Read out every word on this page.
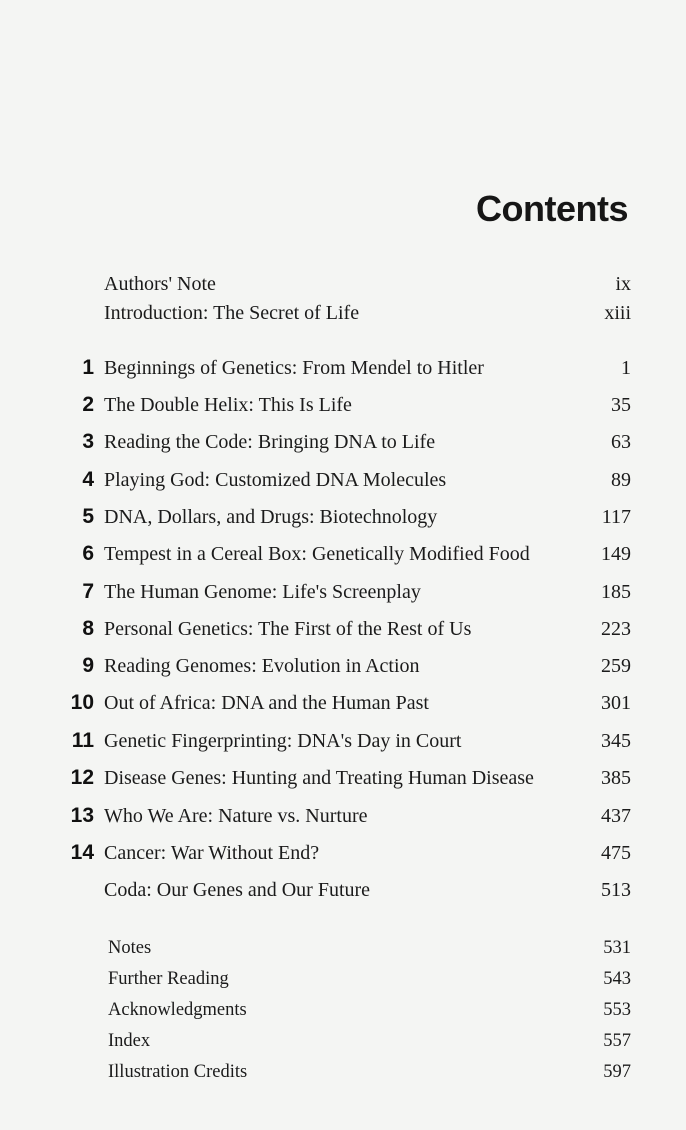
Contents
Authors' Note	ix
Introduction: The Secret of Life	xiii
1 Beginnings of Genetics: From Mendel to Hitler	1
2 The Double Helix: This Is Life	35
3 Reading the Code: Bringing DNA to Life	63
4 Playing God: Customized DNA Molecules	89
5 DNA, Dollars, and Drugs: Biotechnology	117
6 Tempest in a Cereal Box: Genetically Modified Food	149
7 The Human Genome: Life's Screenplay	185
8 Personal Genetics: The First of the Rest of Us	223
9 Reading Genomes: Evolution in Action	259
10 Out of Africa: DNA and the Human Past	301
11 Genetic Fingerprinting: DNA's Day in Court	345
12 Disease Genes: Hunting and Treating Human Disease	385
13 Who We Are: Nature vs. Nurture	437
14 Cancer: War Without End?	475
Coda: Our Genes and Our Future	513
Notes	531
Further Reading	543
Acknowledgments	553
Index	557
Illustration Credits	597
